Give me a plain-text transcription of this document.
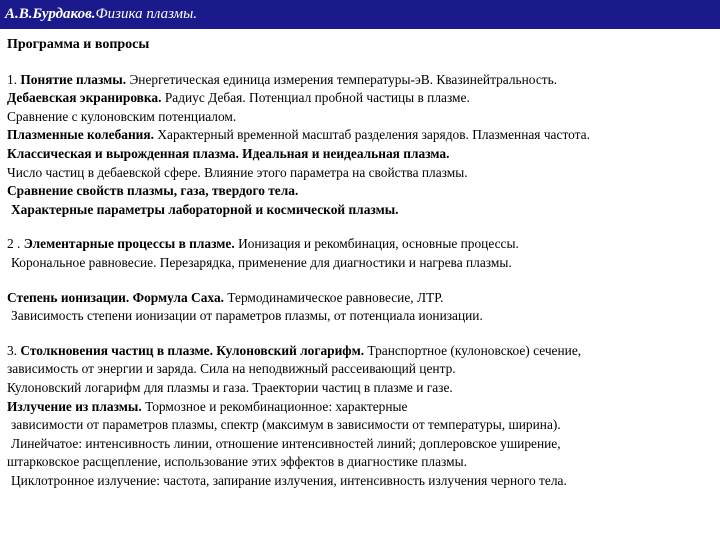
А.В.Бурдаков.Физика плазмы.

Программа и вопросы

1. Понятие плазмы. Энергетическая единица измерения температуры-эВ. Квазинейтральность.

Дебаевская экранировка. Радиус Дебая. Потенциал пробной частицы в плазме.

Сравнение с кулоновским потенциалом.

Плазменные колебания. Характерный временной масштаб разделения зарядов. Плазменная частота.

Классическая и вырожденная плазма. Идеальная и неидеальная плазма.

Число частиц в дебаевской сфере. Влияние этого параметра на свойства плазмы.

Сравнение свойств плазмы, газа, твердого тела.

Характерные параметры лабораторной и космической плазмы.

2 . Элементарные процессы в плазме. Ионизация и рекомбинация, основные процессы.

Корональное равновесие. Перезарядка, применение для диагностики и нагрева плазмы.

Степень ионизации. Формула Саха. Термодинамическое равновесие, ЛТР.

Зависимость степени ионизации от параметров плазмы, от потенциала ионизации.

3. Столкновения частиц в плазме. Кулоновский логарифм. Транспортное (кулоновское) сечение,

зависимость от энергии и заряда. Сила на неподвижный рассеивающий центр.

Кулоновский логарифм для плазмы и газа. Траектории частиц в плазме и газе.

Излучение из плазмы. Тормозное и рекомбинационное: характерные

зависимости от параметров плазмы, спектр (максимум в зависимости от температуры, ширина).

Линейчатое: интенсивность линии, отношение интенсивностей линий; доплеровское уширение,

штарковское расщепление, использование этих эффектов в диагностике плазмы.

Циклотронное излучение: частота, запирание излучения, интенсивность излучения черного тела.
